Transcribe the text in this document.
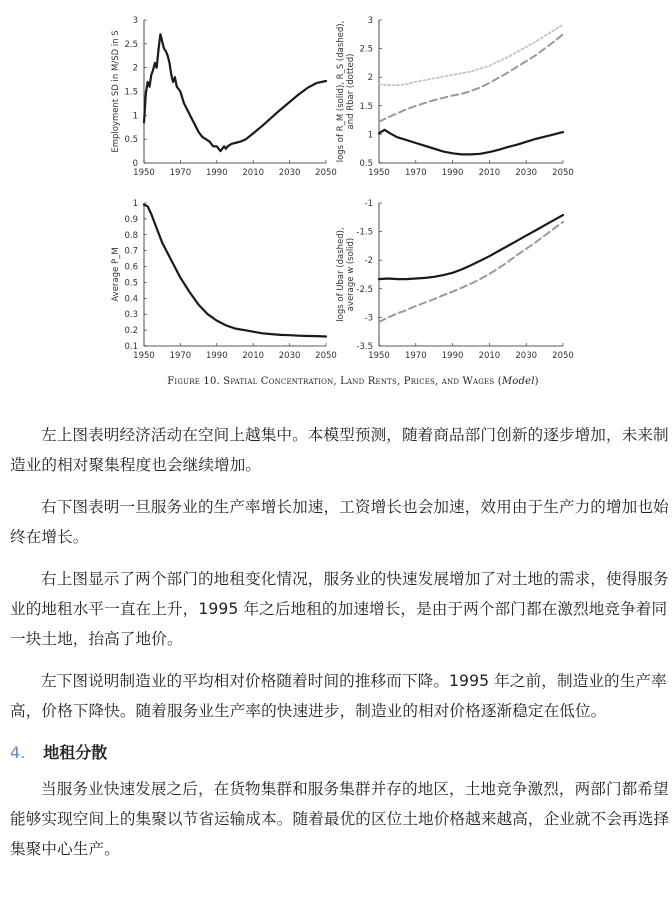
1950 1970 1990 2010 2030 2050
0
0.5
1
1.5
2
2.5
3
Employment SD in M/SD in S
1950 1970 1990 2010 2030 2050
0.5
1
1.5
2
2.5
3
logs of R_M (solid), R_S (dashed), and Rbar (dotted)
1950 1970 1990 2010 2030 2050
0.1
0.2
0.3
0.4
0.5
0.6
0.7
0.8
0.9
1
Average P_M
1950 1970 1990 2010 2030 2050
-3.5
-3
-2.5
-2
-1.5
-1
logs of Ubar (dashed), average w (solid)
Figure 10. Spatial Concentration, Land Rents, Prices, and Wages (Model)

左上图表明经济活动在空间上越集中。本模型预测，随着商品部门创新的逐步增加，未来制造业的相对聚集程度也会继续增加。

右下图表明一旦服务业的生产率增长加速，工资增长也会加速，效用由于生产力的增加也始终在增长。

右上图显示了两个部门的地租变化情况，服务业的快速发展增加了对土地的需求，使得服务业的地租水平一直在上升，1995 年之后地租的加速增长，是由于两个部门都在激烈地竞争着同一块土地，抬高了地价。

左下图说明制造业的平均相对价格随着时间的推移而下降。1995 年之前，制造业的生产率高，价格下降快。随着服务业生产率的快速进步，制造业的相对价格逐渐稳定在低位。

4. 地租分散

当服务业快速发展之后，在货物集群和服务集群并存的地区，土地竞争激烈，两部门都希望能够实现空间上的集聚以节省运输成本。随着最优的区位土地价格越来越高，企业就不会再选择集聚中心生产。
